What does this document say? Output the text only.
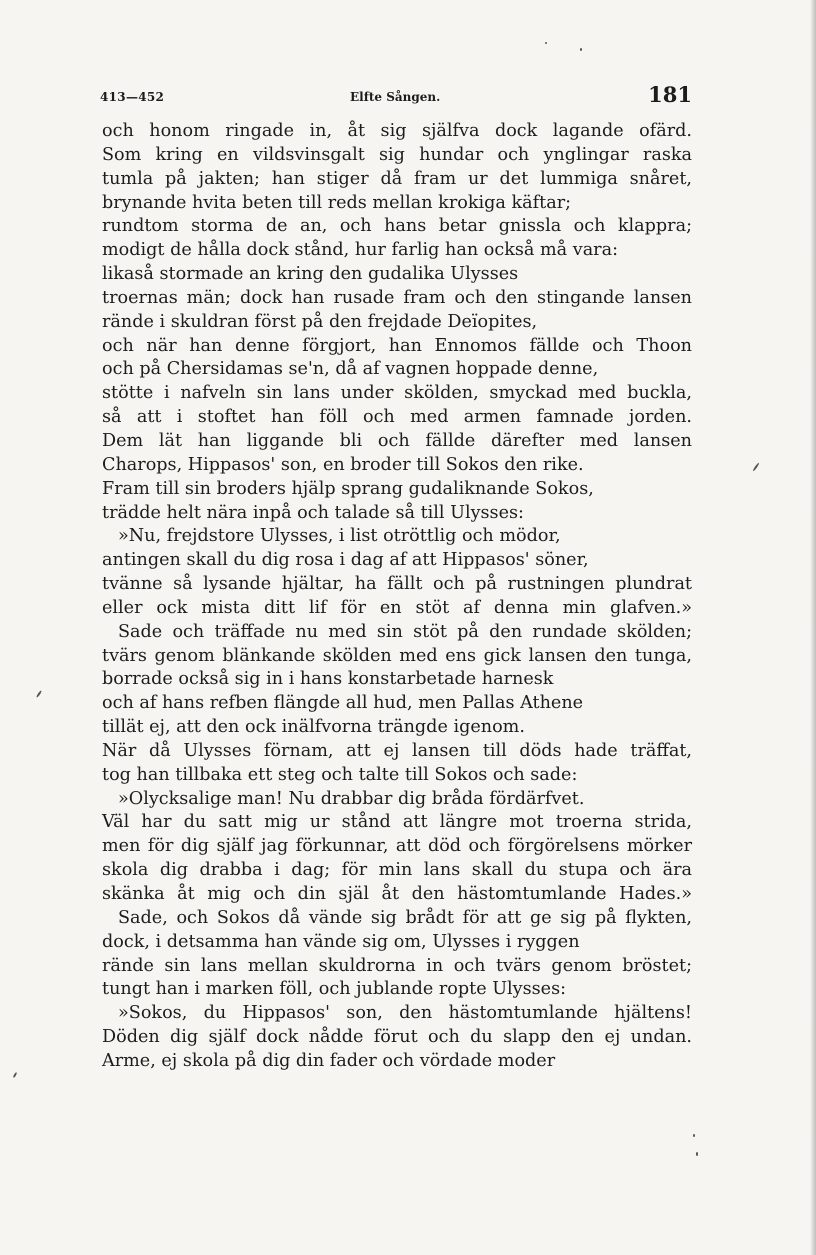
413—452	Elfte Sången.	181
och honom ringade in, åt sig själfva dock lagande ofärd.
Som kring en vildsvinsgalt sig hundar och ynglingar raska
tumla på jakten; han stiger då fram ur det lummiga snåret,
brynande hvita beten till reds mellan krokiga käftar;
rundtom storma de an, och hans betar gnissla och klappra;
modigt de hålla dock stånd, hur farlig han också må vara:
likaså stormade an kring den gudalika Ulysses
troernas män; dock han rusade fram och den stingande lansen
rände i skuldran först på den frejdade Deïopites,
och när han denne förgjort, han Ennomos fällde och Thoon
och på Chersidamas se'n, då af vagnen hoppade denne,
stötte i nafveln sin lans under skölden, smyckad med buckla,
så att i stoftet han föll och med armen famnade jorden.
Dem lät han liggande bli och fällde därefter med lansen
Charops, Hippasos' son, en broder till Sokos den rike.
Fram till sin broders hjälp sprang gudaliknande Sokos,
trädde helt nära inpå och talade så till Ulysses:
»Nu, frejdstore Ulysses, i list otröttlig och mödor,
antingen skall du dig rosa i dag af att Hippasos' söner,
tvänne så lysande hjältar, ha fällt och på rustningen plundrat
eller ock mista ditt lif för en stöt af denna min glafven.»
Sade och träffade nu med sin stöt på den rundade skölden;
tvärs genom blänkande skölden med ens gick lansen den tunga,
borrade också sig in i hans konstarbetade harnesk
och af hans refben flängde all hud, men Pallas Athene
tillät ej, att den ock inälfvorna trängde igenom.
När då Ulysses förnam, att ej lansen till döds hade träffat,
tog han tillbaka ett steg och talte till Sokos och sade:
»Olycksalige man! Nu drabbar dig bråda fördärfvet.
Väl har du satt mig ur stånd att längre mot troerna strida,
men för dig själf jag förkunnar, att död och förgörelsens mörker
skola dig drabba i dag; för min lans skall du stupa och ära
skänka åt mig och din själ åt den hästomtumlande Hades.»
Sade, och Sokos då vände sig brådt för att ge sig på flykten,
dock, i detsamma han vände sig om, Ulysses i ryggen
rände sin lans mellan skuldrorna in och tvärs genom bröstet;
tungt han i marken föll, och jublande ropte Ulysses:
»Sokos, du Hippasos' son, den hästomtumlande hjältens!
Döden dig själf dock nådde förut och du slapp den ej undan.
Arme, ej skola på dig din fader och vördade moder
